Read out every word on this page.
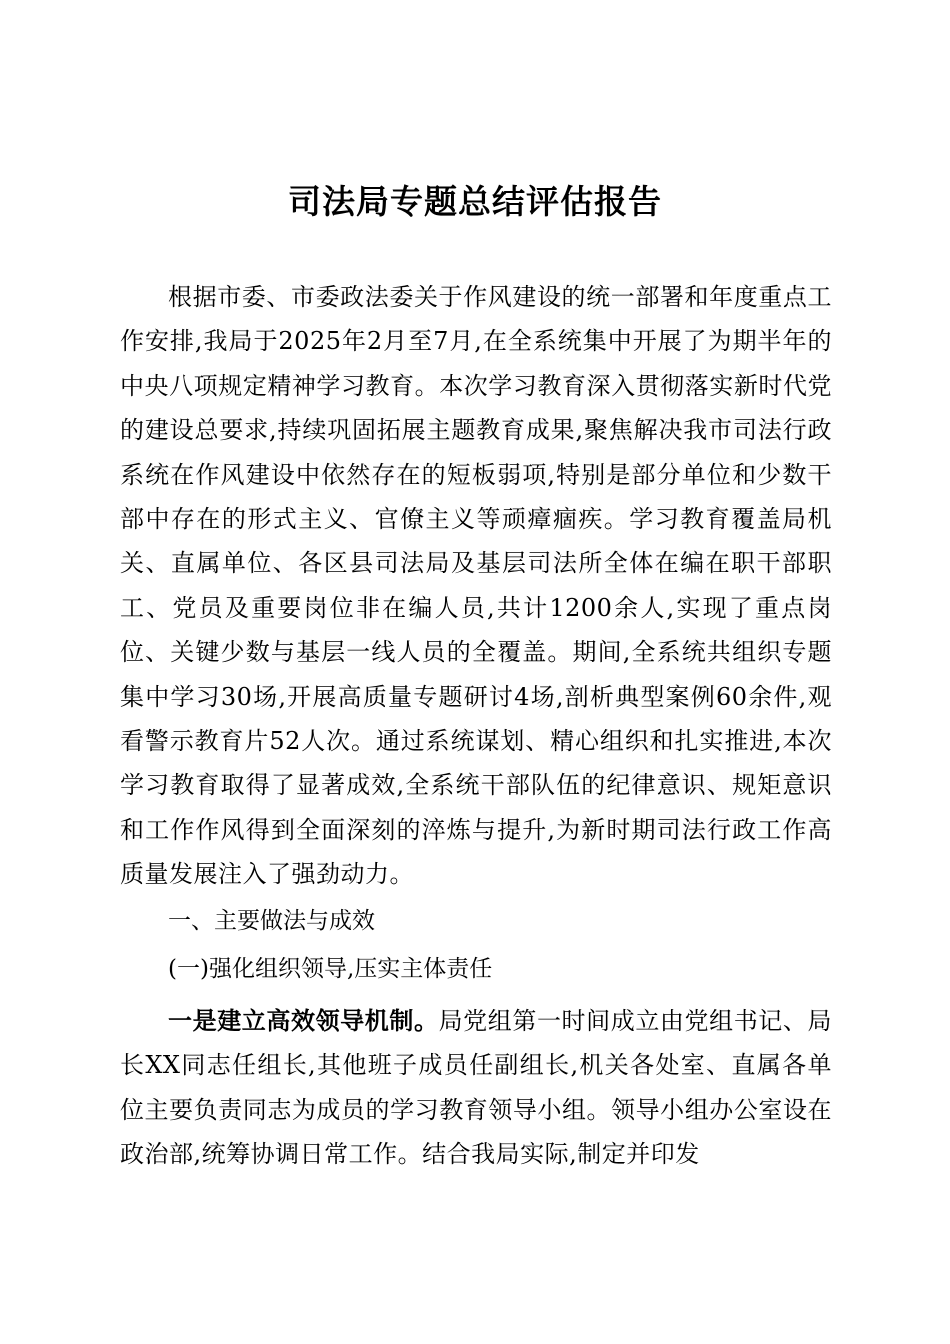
司法局专题总结评估报告

根据市委、市委政法委关于作风建设的统一部署和年度重点工作安排,我局于2025年2月至7月,在全系统集中开展了为期半年的中央八项规定精神学习教育。本次学习教育深入贯彻落实新时代党的建设总要求,持续巩固拓展主题教育成果,聚焦解决我市司法行政系统在作风建设中依然存在的短板弱项,特别是部分单位和少数干部中存在的形式主义、官僚主义等顽瘴痼疾。学习教育覆盖局机关、直属单位、各区县司法局及基层司法所全体在编在职干部职工、党员及重要岗位非在编人员,共计1200余人,实现了重点岗位、关键少数与基层一线人员的全覆盖。期间,全系统共组织专题集中学习30场,开展高质量专题研讨4场,剖析典型案例60余件,观看警示教育片52人次。通过系统谋划、精心组织和扎实推进,本次学习教育取得了显著成效,全系统干部队伍的纪律意识、规矩意识和工作作风得到全面深刻的淬炼与提升,为新时期司法行政工作高质量发展注入了强劲动力。

一、主要做法与成效

(一)强化组织领导,压实主体责任

一是建立高效领导机制。局党组第一时间成立由党组书记、局长XX同志任组长,其他班子成员任副组长,机关各处室、直属各单位主要负责同志为成员的学习教育领导小组。领导小组办公室设在政治部,统筹协调日常工作。结合我局实际,制定并印发
